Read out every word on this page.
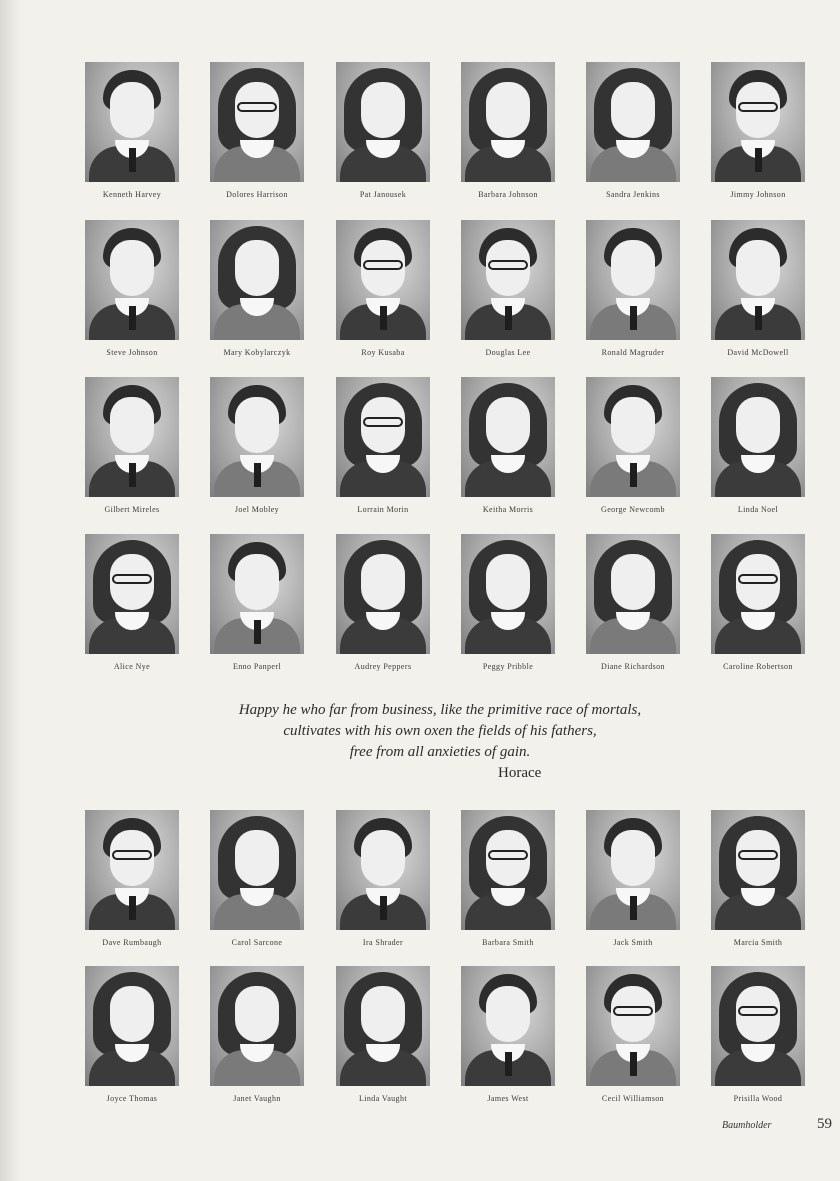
Kenneth Harvey	Dolores Harrison	Pat Janousek	Barbara Johnson	Sandra Jenkins	Jimmy Johnson
Steve Johnson	Mary Kobylarczyk	Roy Kusaba	Douglas Lee	Ronald Magruder	David McDowell
Gilbert Mireles	Joel Mobley	Lorrain Morin	Keitha Morris	George Newcomb	Linda Noel
Alice Nye	Enno Panperl	Audrey Peppers	Peggy Pribble	Diane Richardson	Caroline Robertson
Dave Rumbaugh	Carol Sarcone	Ira Shrader	Barbara Smith	Jack Smith	Marcia Smith
Joyce Thomas	Janet Vaughn	Linda Vaught	James West	Cecil Williamson	Prisilla Wood
Happy he who far from business, like the primitive race of mortals,
cultivates with his own oxen the fields of his fathers,
free from all anxieties of gain.
Horace
Baumholder	59
